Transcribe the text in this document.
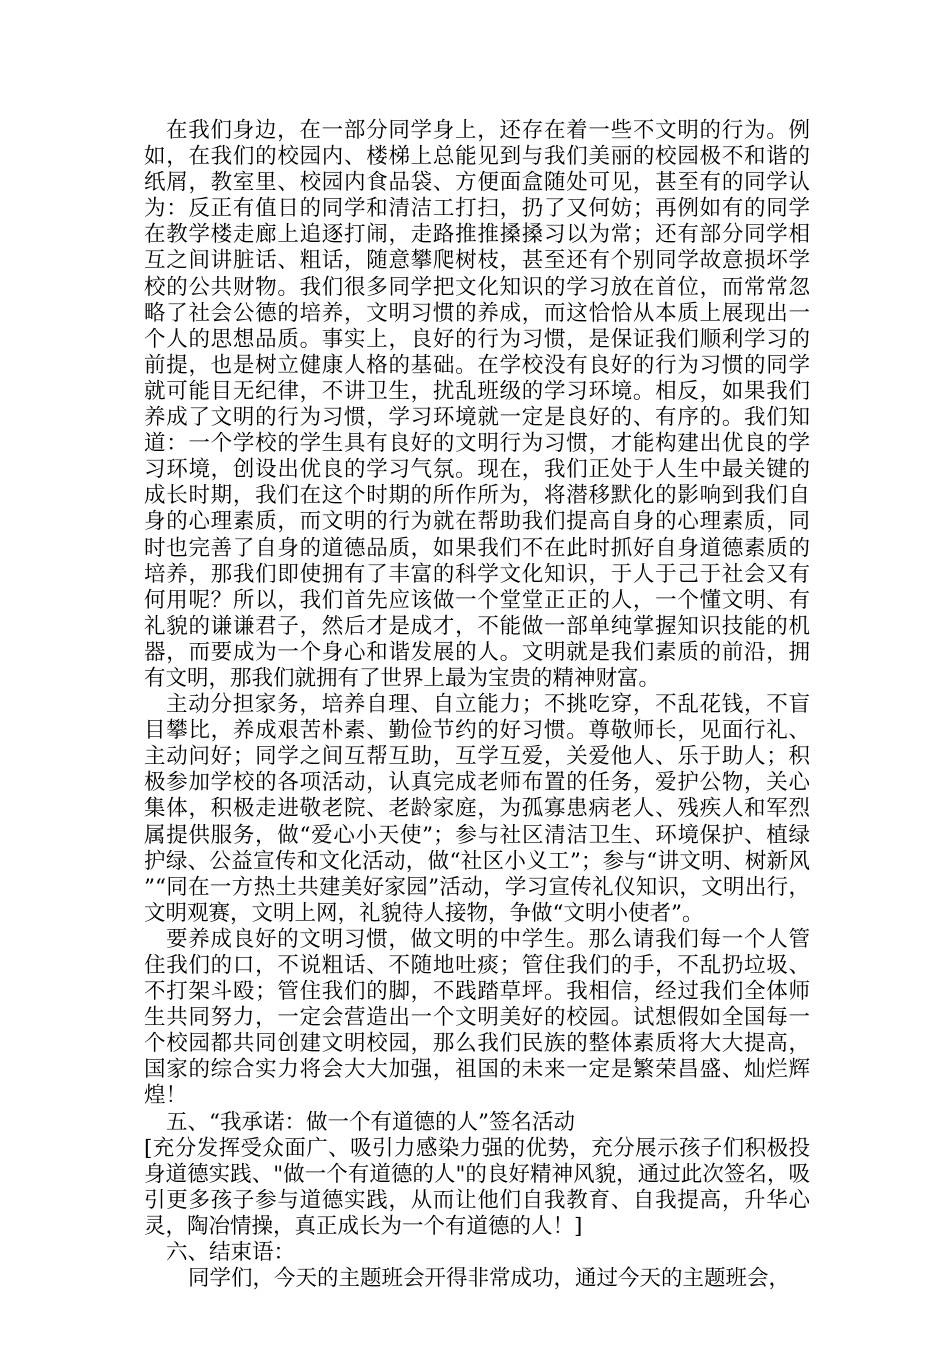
在我们身边，在一部分同学身上，还存在着一些不文明的行为。例如，在我们的校园内、楼梯上总能见到与我们美丽的校园极不和谐的纸屑，教室里、校园内食品袋、方便面盒随处可见，甚至有的同学认为：反正有值日的同学和清洁工打扫，扔了又何妨；再例如有的同学在教学楼走廊上追逐打闹，走路推推搡搡习以为常；还有部分同学相互之间讲脏话、粗话，随意攀爬树枝，甚至还有个别同学故意损坏学校的公共财物。我们很多同学把文化知识的学习放在首位，而常常忽略了社会公德的培养，文明习惯的养成，而这恰恰从本质上展现出一个人的思想品质。事实上，良好的行为习惯，是保证我们顺利学习的前提，也是树立健康人格的基础。在学校没有良好的行为习惯的同学就可能目无纪律，不讲卫生，扰乱班级的学习环境。相反，如果我们养成了文明的行为习惯，学习环境就一定是良好的、有序的。我们知道：一个学校的学生具有良好的文明行为习惯，才能构建出优良的学习环境，创设出优良的学习气氛。现在，我们正处于人生中最关键的成长时期，我们在这个时期的所作所为，将潜移默化的影响到我们自身的心理素质，而文明的行为就在帮助我们提高自身的心理素质，同时也完善了自身的道德品质，如果我们不在此时抓好自身道德素质的培养，那我们即使拥有了丰富的科学文化知识，于人于己于社会又有何用呢？所以，我们首先应该做一个堂堂正正的人，一个懂文明、有礼貌的谦谦君子，然后才是成才，不能做一部单纯掌握知识技能的机器，而要成为一个身心和谐发展的人。文明就是我们素质的前沿，拥有文明，那我们就拥有了世界上最为宝贵的精神财富。

主动分担家务，培养自理、自立能力；不挑吃穿，不乱花钱，不盲目攀比，养成艰苦朴素、勤俭节约的好习惯。尊敬师长，见面行礼、主动问好；同学之间互帮互助，互学互爱，关爱他人、乐于助人；积极参加学校的各项活动，认真完成老师布置的任务，爱护公物，关心集体，积极走进敬老院、老龄家庭，为孤寡患病老人、残疾人和军烈属提供服务，做“爱心小天使”；参与社区清洁卫生、环境保护、植绿护绿、公益宣传和文化活动，做“社区小义工”；参与“讲文明、树新风”“同在一方热土共建美好家园”活动，学习宣传礼仪知识，文明出行，文明观赛，文明上网，礼貌待人接物，争做“文明小使者”。

要养成良好的文明习惯，做文明的中学生。那么请我们每一个人管住我们的口，不说粗话、不随地吐痰；管住我们的手，不乱扔垃圾、不打架斗殴；管住我们的脚，不践踏草坪。我相信，经过我们全体师生共同努力，一定会营造出一个文明美好的校园。试想假如全国每一个校园都共同创建文明校园，那么我们民族的整体素质将大大提高，国家的综合实力将会大大加强，祖国的未来一定是繁荣昌盛、灿烂辉煌！

五、“我承诺：做一个有道德的人”签名活动

[充分发挥受众面广、吸引力感染力强的优势，充分展示孩子们积极投身道德实践、"做一个有道德的人"的良好精神风貌，通过此次签名，吸引更多孩子参与道德实践，从而让他们自我教育、自我提高，升华心灵，陶冶情操，真正成长为一个有道德的人！]

六、结束语：

同学们，今天的主题班会开得非常成功，通过今天的主题班会，
